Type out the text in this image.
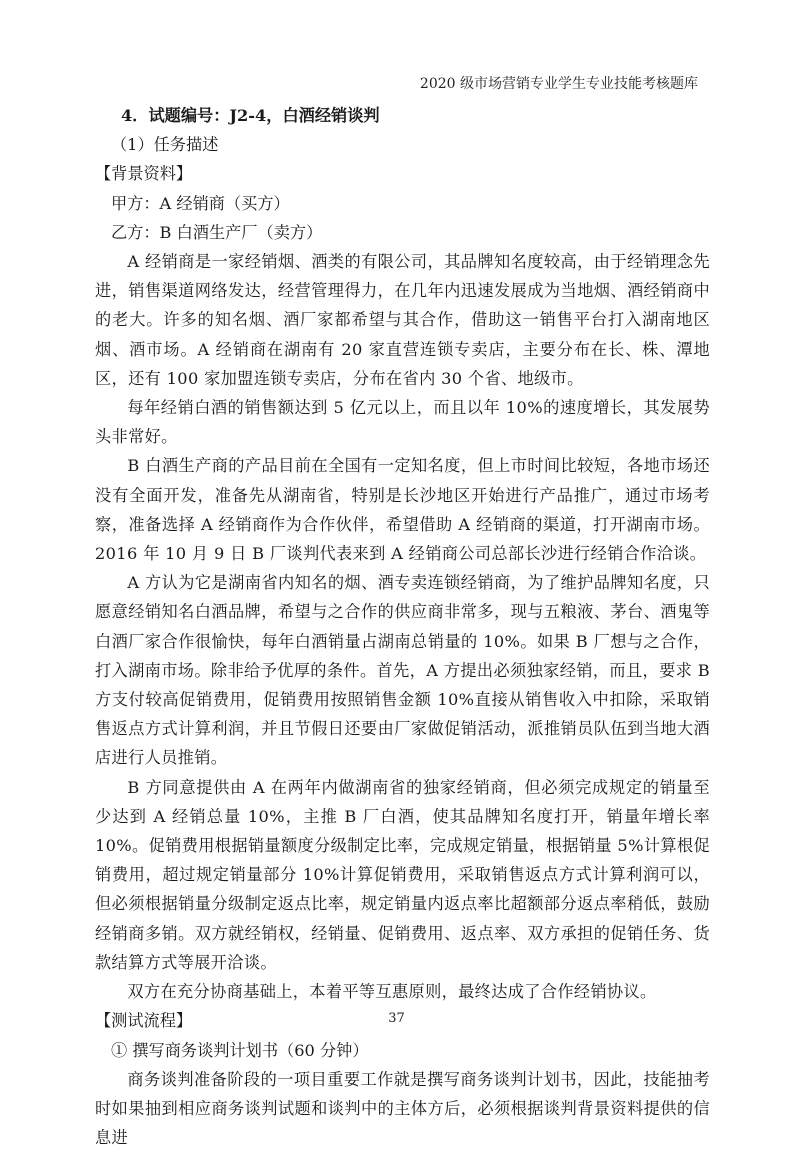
2020 级市场营销专业学生专业技能考核题库

4．试题编号：J2-4，白酒经销谈判

（1）任务描述

【背景资料】

甲方：A 经销商（买方）

乙方：B 白酒生产厂（卖方）

A 经销商是一家经销烟、酒类的有限公司，其品牌知名度较高，由于经销理念先进，销售渠道网络发达，经营管理得力，在几年内迅速发展成为当地烟、酒经销商中的老大。许多的知名烟、酒厂家都希望与其合作，借助这一销售平台打入湖南地区烟、酒市场。A 经销商在湖南有 20 家直营连锁专卖店，主要分布在长、株、潭地区，还有 100 家加盟连锁专卖店，分布在省内 30 个省、地级市。

每年经销白酒的销售额达到 5 亿元以上，而且以年 10%的速度增长，其发展势头非常好。

B 白酒生产商的产品目前在全国有一定知名度，但上市时间比较短，各地市场还没有全面开发，准备先从湖南省，特别是长沙地区开始进行产品推广，通过市场考察，准备选择 A 经销商作为合作伙伴，希望借助 A 经销商的渠道，打开湖南市场。2016 年 10 月 9 日 B 厂谈判代表来到 A 经销商公司总部长沙进行经销合作洽谈。

A 方认为它是湖南省内知名的烟、酒专卖连锁经销商，为了维护品牌知名度，只愿意经销知名白酒品牌，希望与之合作的供应商非常多，现与五粮液、茅台、酒鬼等白酒厂家合作很愉快，每年白酒销量占湖南总销量的 10%。如果 B 厂想与之合作，打入湖南市场。除非给予优厚的条件。首先，A 方提出必须独家经销，而且，要求 B 方支付较高促销费用，促销费用按照销售金额 10%直接从销售收入中扣除，采取销售返点方式计算利润，并且节假日还要由厂家做促销活动，派推销员队伍到当地大酒店进行人员推销。

B 方同意提供由 A 在两年内做湖南省的独家经销商，但必须完成规定的销量至少达到 A 经销总量 10%，主推 B 厂白酒，使其品牌知名度打开，销量年增长率 10%。促销费用根据销量额度分级制定比率，完成规定销量，根据销量 5%计算根促销费用，超过规定销量部分 10%计算促销费用，采取销售返点方式计算利润可以，但必须根据销量分级制定返点比率，规定销量内返点率比超额部分返点率稍低，鼓励经销商多销。双方就经销权，经销量、促销费用、返点率、双方承担的促销任务、货款结算方式等展开洽谈。

双方在充分协商基础上，本着平等互惠原则，最终达成了合作经销协议。

【测试流程】

① 撰写商务谈判计划书（60 分钟）

商务谈判准备阶段的一项目重要工作就是撰写商务谈判计划书，因此，技能抽考时如果抽到相应商务谈判试题和谈判中的主体方后，必须根据谈判背景资料提供的信息进

37
